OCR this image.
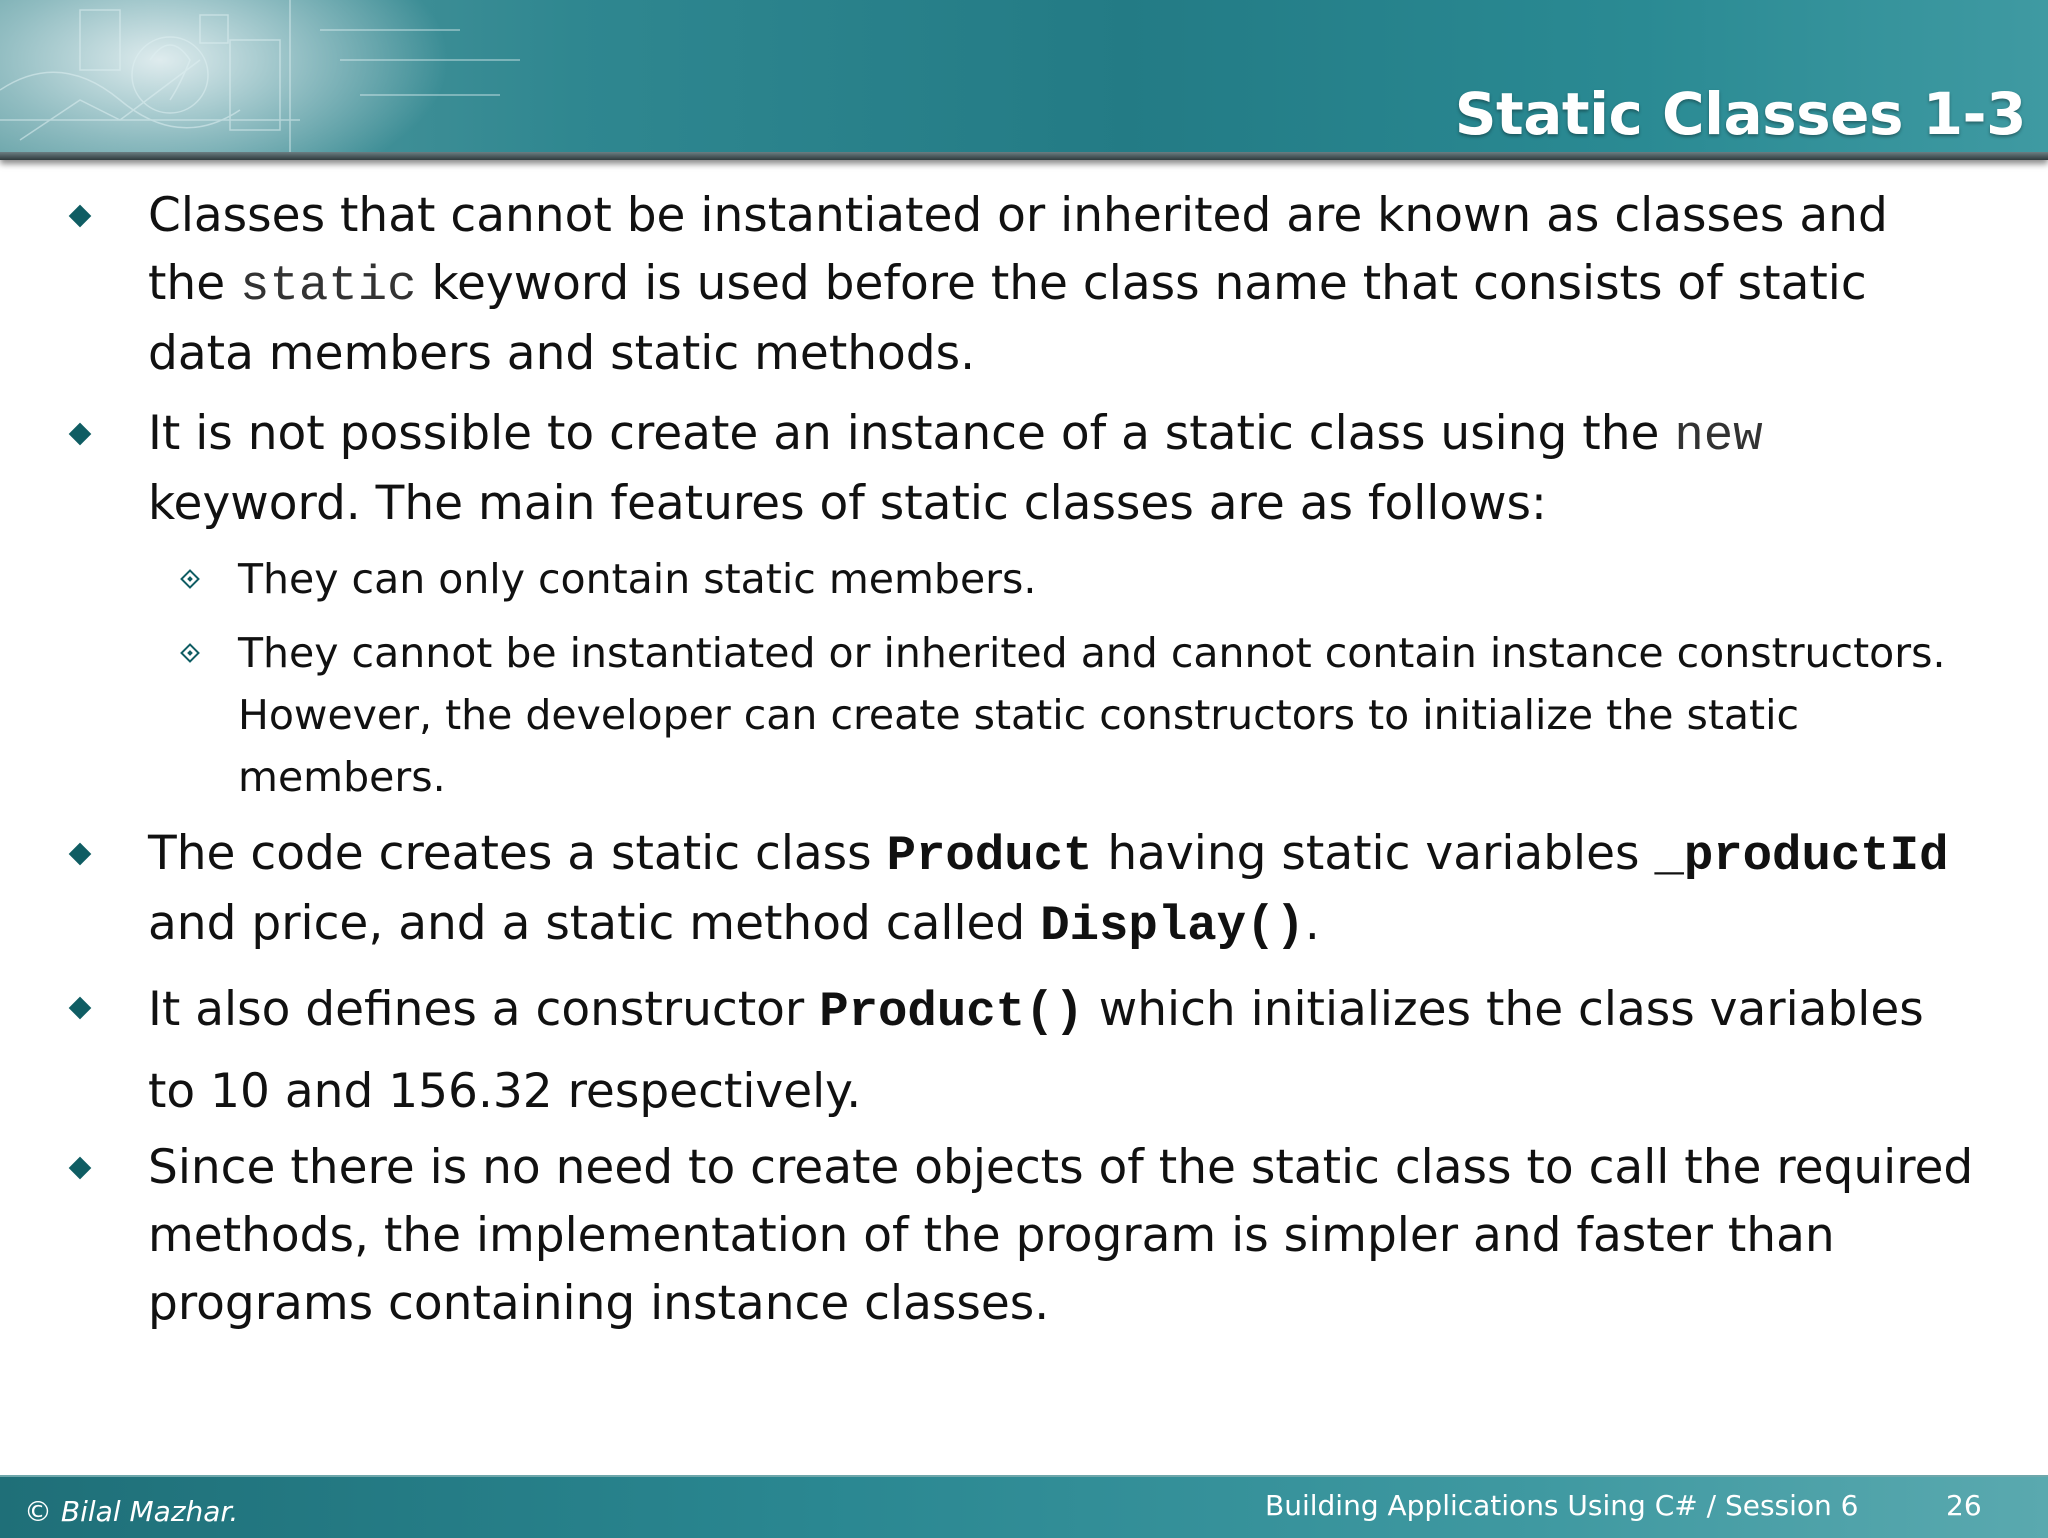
Static Classes 1-3
Classes that cannot be instantiated or inherited are known as classes and the static keyword is used before the class name that consists of static data members and static methods.
It is not possible to create an instance of a static class using the new keyword. The main features of static classes are as follows:
They can only contain static members.
They cannot be instantiated or inherited and cannot contain instance constructors. However, the developer can create static constructors to initialize the static members.
The code creates a static class Product having static variables _productId and price, and a static method called Display().
It also defines a constructor Product() which initializes the class variables to 10 and 156.32 respectively.
Since there is no need to create objects of the static class to call the required methods, the implementation of the program is simpler and faster than programs containing instance classes.
© Bilal Mazhar.	Building Applications Using C# / Session 6	26
